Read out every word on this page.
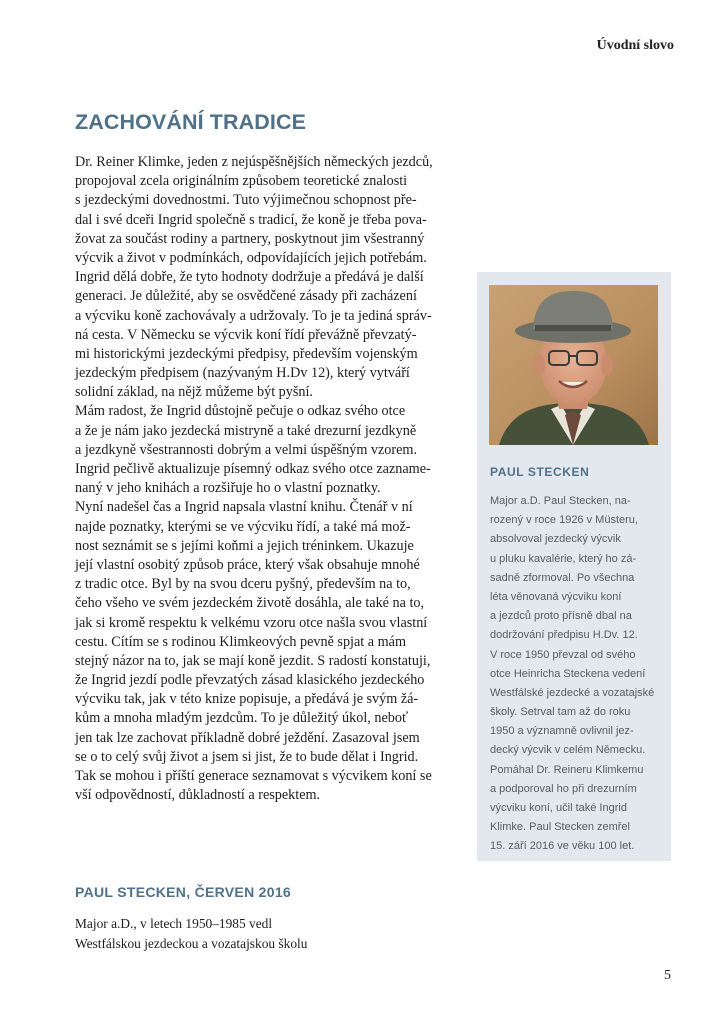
Úvodní slovo
ZACHOVÁNÍ TRADICE
Dr. Reiner Klimke, jeden z nejúspěšnějších německých jezdců,
propojoval zcela originálním způsobem teoretické znalosti
s jezdeckými dovednostmi. Tuto výjimečnou schopnost pře-
dal i své dceři Ingrid společně s tradicí, že koně je třeba pova-
žovat za součást rodiny a partnery, poskytnout jim všestranný
výcvik a život v podmínkách, odpovídajících jejich potřebám.
Ingrid dělá dobře, že tyto hodnoty dodržuje a předává je další
generaci. Je důležité, aby se osvědčené zásady při zacházení
a výcviku koně zachovávaly a udržovaly. To je ta jediná správ-
ná cesta. V Německu se výcvik koní řídí převážně převzatý-
mi historickými jezdeckými předpisy, především vojenským
jezdeckým předpisem (nazývaným H.Dv 12), který vytváří
solidní základ, na nějž můžeme být pyšní.
Mám radost, že Ingrid důstojně pečuje o odkaz svého otce
a že je nám jako jezdecká mistryně a také drezurní jezdkyně
a jezdkyně všestrannosti dobrým a velmi úspěšným vzorem.
Ingrid pečlivě aktualizuje písemný odkaz svého otce zazname-
naný v jeho knihách a rozšiřuje ho o vlastní poznatky.
Nyní nadešel čas a Ingrid napsala vlastní knihu. Čtenář v ní
najde poznatky, kterými se ve výcviku řídí, a také má mož-
nost seznámit se s jejími koňmi a jejich tréninkem. Ukazuje
její vlastní osobitý způsob práce, který však obsahuje mnohé
z tradic otce. Byl by na svou dceru pyšný, především na to,
čeho všeho ve svém jezdeckém životě dosáhla, ale také na to,
jak si kromě respektu k velkému vzoru otce našla svou vlastní
cestu. Cítím se s rodinou Klimkeových pevně spjat a mám
stejný názor na to, jak se mají koně jezdit. S radostí konstatuji,
že Ingrid jezdí podle převzatých zásad klasického jezdeckého
výcviku tak, jak v této knize popisuje, a předává je svým žá-
kům a mnoha mladým jezdcům. To je důležitý úkol, neboť
jen tak lze zachovat příkladně dobré ježdění. Zasazoval jsem
se o to celý svůj život a jsem si jist, že to bude dělat i Ingrid.
Tak se mohou i příští generace seznamovat s výcvikem koní se
vší odpovědností, důkladností a respektem.
PAUL STECKEN
Major a.D. Paul Stecken, na-
rozený v roce 1926 v Müsteru,
absolvoval jezdecký výcvik
u pluku kavalérie, který ho zá-
sadně zformoval. Po všechna
léta věnovaná výcviku koní
a jezdců proto přísně dbal na
dodržování předpisu H.Dv. 12.
V roce 1950 převzal od svého
otce Heinricha Steckena vedení
Westfálské jezdecké a vozatajské
školy. Setrval tam až do roku
1950 a významně ovlivnil jez-
decký výcvik v celém Německu.
Pomáhal Dr. Reineru Klimkemu
a podporoval ho při drezurním
výcviku koní, učil také Ingrid
Klimke. Paul Stecken zemřel
15. září 2016 ve věku 100 let.
PAUL STECKEN, ČERVEN 2016
Major a.D., v letech 1950–1985 vedl
Westfálskou jezdeckou a vozatajskou školu
5
